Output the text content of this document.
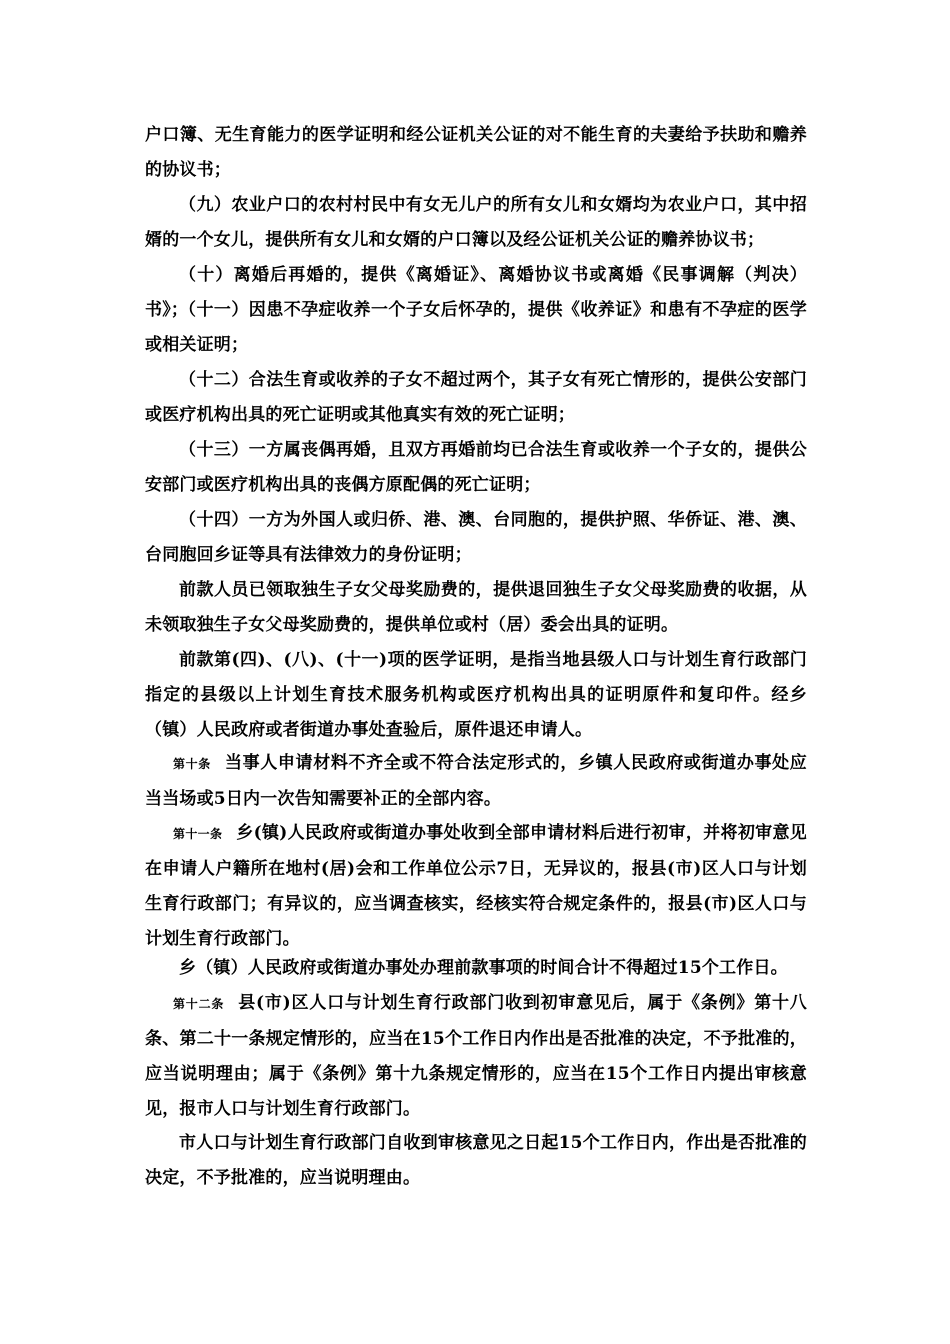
户口簿、无生育能力的医学证明和经公证机关公证的对不能生育的夫妻给予扶助和赡养的协议书；

（九）农业户口的农村村民中有女无儿户的所有女儿和女婿均为农业户口，其中招婿的一个女儿，提供所有女儿和女婿的户口簿以及经公证机关公证的赡养协议书；

（十）离婚后再婚的，提供《离婚证》、离婚协议书或离婚《民事调解（判决）书》；

（十一）因患不孕症收养一个子女后怀孕的，提供《收养证》和患有不孕症的医学或相关证明；

（十二）合法生育或收养的子女不超过两个，其子女有死亡情形的，提供公安部门或医疗机构出具的死亡证明或其他真实有效的死亡证明；

（十三）一方属丧偶再婚，且双方再婚前均已合法生育或收养一个子女的，提供公安部门或医疗机构出具的丧偶方原配偶的死亡证明；

（十四）一方为外国人或归侨、港、澳、台同胞的，提供护照、华侨证、港、澳、台同胞回乡证等具有法律效力的身份证明；

前款人员已领取独生子女父母奖励费的，提供退回独生子女父母奖励费的收据，从未领取独生子女父母奖励费的，提供单位或村（居）委会出具的证明。

前款第(四)、(八)、(十一)项的医学证明，是指当地县级人口与计划生育行政部门指定的县级以上计划生育技术服务机构或医疗机构出具的证明原件和复印件。经乡（镇）人民政府或者街道办事处查验后，原件退还申请人。

第十条 当事人申请材料不齐全或不符合法定形式的，乡镇人民政府或街道办事处应当当场或5日内一次告知需要补正的全部内容。

第十一条 乡(镇)人民政府或街道办事处收到全部申请材料后进行初审，并将初审意见在申请人户籍所在地村(居)会和工作单位公示7日，无异议的，报县(市)区人口与计划生育行政部门；有异议的，应当调查核实，经核实符合规定条件的，报县(市)区人口与计划生育行政部门。

乡（镇）人民政府或街道办事处办理前款事项的时间合计不得超过15个工作日。

第十二条 县(市)区人口与计划生育行政部门收到初审意见后，属于《条例》第十八条、第二十一条规定情形的，应当在15个工作日内作出是否批准的决定，不予批准的，应当说明理由；属于《条例》第十九条规定情形的，应当在15个工作日内提出审核意见，报市人口与计划生育行政部门。

市人口与计划生育行政部门自收到审核意见之日起15个工作日内，作出是否批准的决定，不予批准的，应当说明理由。
